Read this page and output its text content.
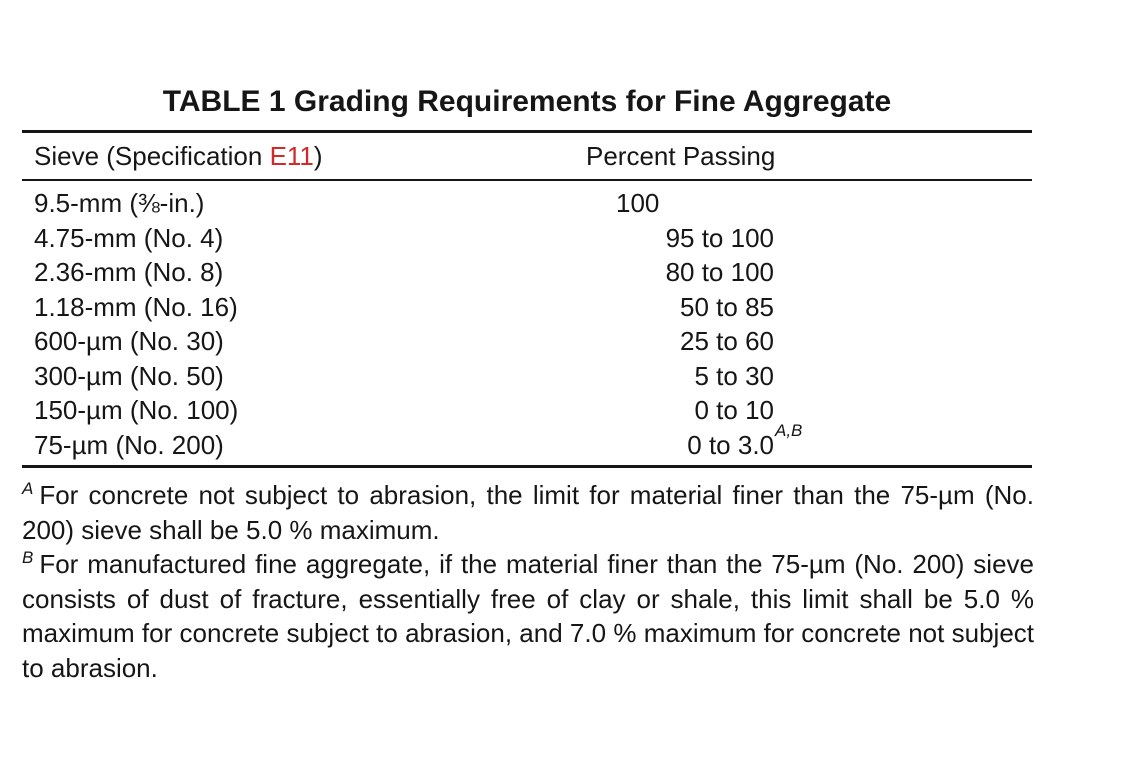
TABLE 1 Grading Requirements for Fine Aggregate
Sieve (Specification E11)	Percent Passing
9.5-mm (⅜-in.)	100
4.75-mm (No. 4)	95 to 100
2.36-mm (No. 8)	80 to 100
1.18-mm (No. 16)	50 to 85
600-µm (No. 30)	25 to 60
300-µm (No. 50)	5 to 30
150-µm (No. 100)	0 to 10
75-µm (No. 200)	0 to 3.0 A,B

$^A$ For concrete not subject to abrasion, the limit for material finer than the 75-µm (No. 200) sieve shall be 5.0 % maximum.

$^B$ For manufactured fine aggregate, if the material finer than the 75-µm (No. 200) sieve consists of dust of fracture, essentially free of clay or shale, this limit shall be 5.0 % maximum for concrete subject to abrasion, and 7.0 % maximum for concrete not subject to abrasion.
